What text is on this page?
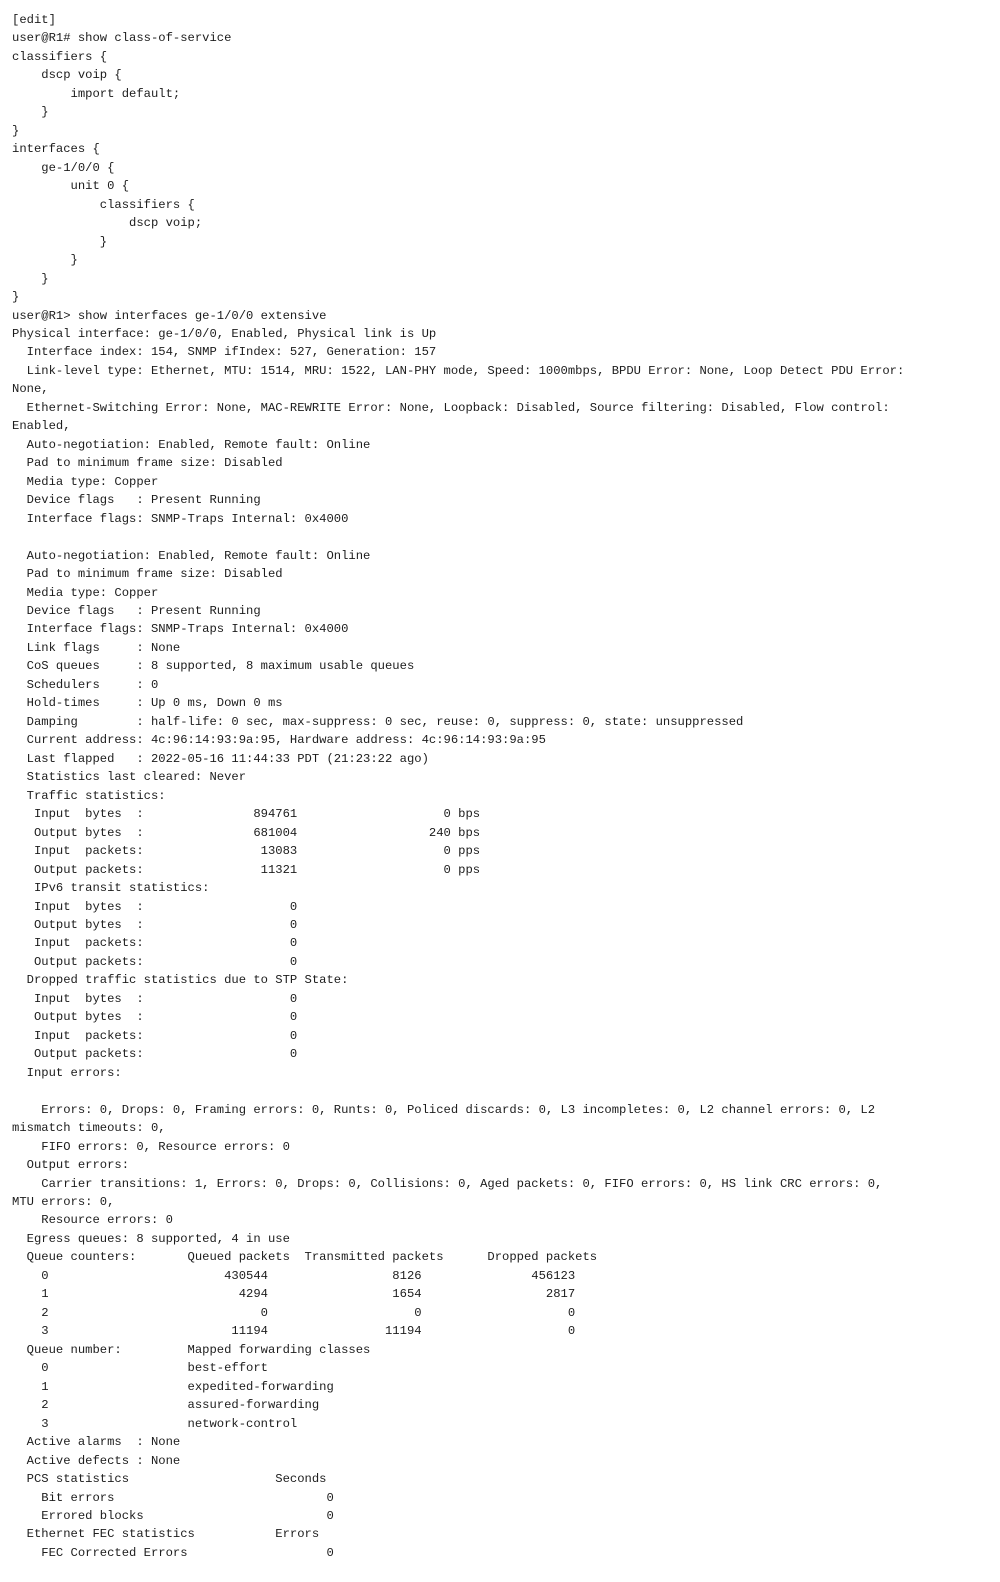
[edit]
user@R1# show class-of-service
classifiers {
dscp voip {
import default;
}
}
interfaces {
ge-1/0/0 {
unit 0 {
classifiers {
dscp voip;
}
}
}
}
user@R1> show interfaces ge-1/0/0 extensive
Physical interface: ge-1/0/0, Enabled, Physical link is Up
Interface index: 154, SNMP ifIndex: 527, Generation: 157
Link-level type: Ethernet, MTU: 1514, MRU: 1522, LAN-PHY mode, Speed: 1000mbps, BPDU Error: None, Loop Detect PDU Error:
None,
Ethernet-Switching Error: None, MAC-REWRITE Error: None, Loopback: Disabled, Source filtering: Disabled, Flow control:
Enabled,
Auto-negotiation: Enabled, Remote fault: Online
Pad to minimum frame size: Disabled
Media type: Copper
Device flags   : Present Running
Interface flags: SNMP-Traps Internal: 0x4000
Auto-negotiation: Enabled, Remote fault: Online
Pad to minimum frame size: Disabled
Media type: Copper
Device flags   : Present Running
Interface flags: SNMP-Traps Internal: 0x4000
Link flags     : None
CoS queues     : 8 supported, 8 maximum usable queues
Schedulers     : 0
Hold-times     : Up 0 ms, Down 0 ms
Damping        : half-life: 0 sec, max-suppress: 0 sec, reuse: 0, suppress: 0, state: unsuppressed
Current address: 4c:96:14:93:9a:95, Hardware address: 4c:96:14:93:9a:95
Last flapped   : 2022-05-16 11:44:33 PDT (21:23:22 ago)
Statistics last cleared: Never
Traffic statistics:
Input  bytes  :               894761                    0 bps
Output bytes  :               681004                  240 bps
Input  packets:                13083                    0 pps
Output packets:                11321                    0 pps
IPv6 transit statistics:
Input  bytes  :                    0
Output bytes  :                    0
Input  packets:                    0
Output packets:                    0
Dropped traffic statistics due to STP State:
Input  bytes  :                    0
Output bytes  :                    0
Input  packets:                    0
Output packets:                    0
Input errors:
Errors: 0, Drops: 0, Framing errors: 0, Runts: 0, Policed discards: 0, L3 incompletes: 0, L2 channel errors: 0, L2
mismatch timeouts: 0,
FIFO errors: 0, Resource errors: 0
Output errors:
Carrier transitions: 1, Errors: 0, Drops: 0, Collisions: 0, Aged packets: 0, FIFO errors: 0, HS link CRC errors: 0,
MTU errors: 0,
Resource errors: 0
Egress queues: 8 supported, 4 in use
Queue counters:       Queued packets  Transmitted packets      Dropped packets
0                        430544                 8126               456123
1                          4294                 1654                 2817
2                             0                    0                    0
3                         11194                11194                    0
Queue number:         Mapped forwarding classes
0                   best-effort
1                   expedited-forwarding
2                   assured-forwarding
3                   network-control
Active alarms  : None
Active defects : None
PCS statistics                    Seconds
Bit errors                             0
Errored blocks                         0
Ethernet FEC statistics           Errors
FEC Corrected Errors                   0
